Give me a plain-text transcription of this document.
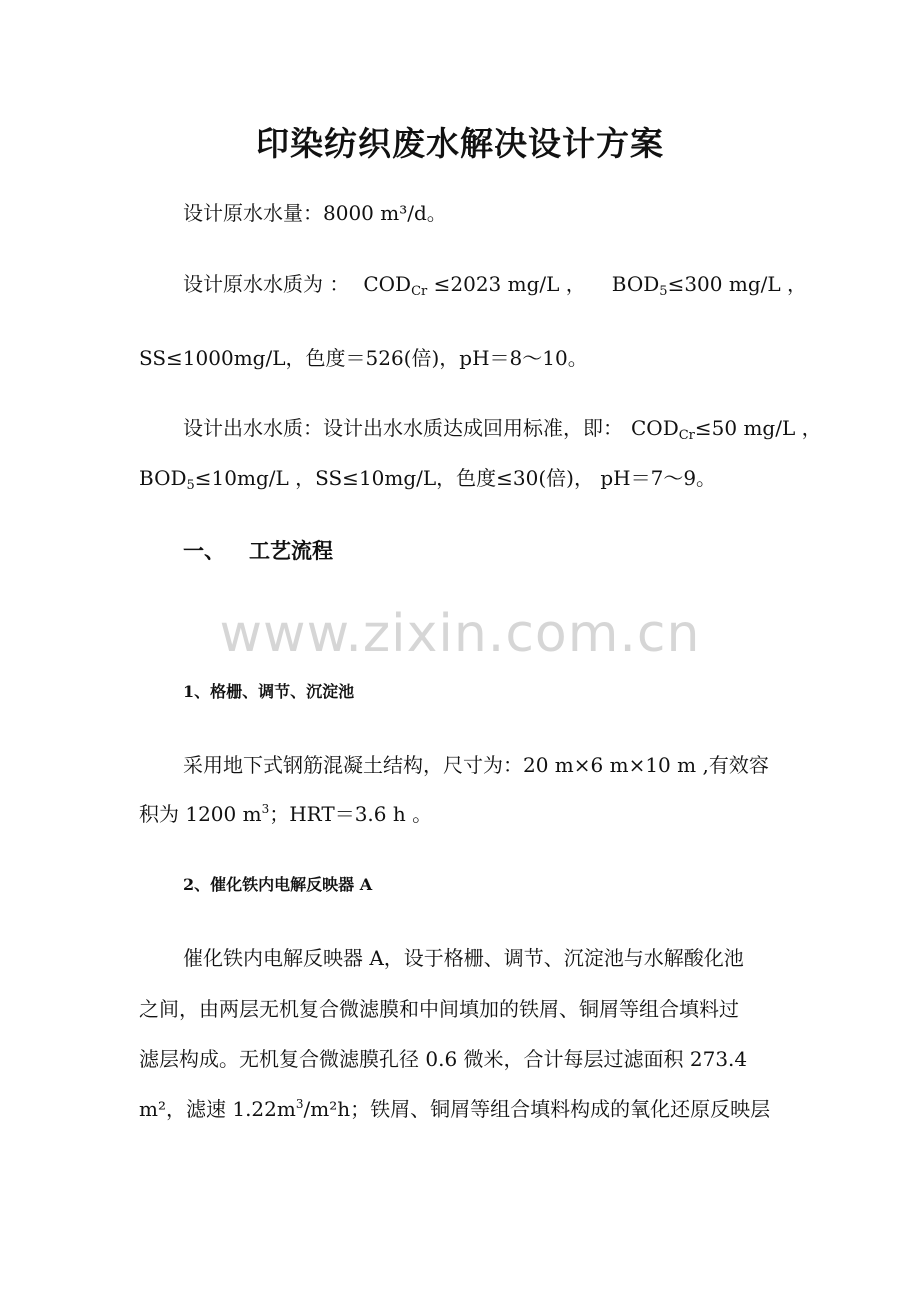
印染纺织废水解决设计方案
设计原水水量：8000 m³/d。
设计原水水质为 ： $COD_{Cr} \le 2023$ mg/L ， $BOD_5\le 300$ mg/L ，
SS≤1000mg/L，色度＝526(倍)，pH＝8～10。
设计出水水质：设计出水水质达成回用标准，即： $COD_{Cr}\le 50$ mg/L ，
$BOD_5\le 10mg/L$ ，SS≤10mg/L，色度≤30(倍)， pH＝7～9。
一、 工艺流程
www.zixin.com.cn
1、格栅、调节、沉淀池
采用地下式钢筋混凝土结构，尺寸为：20 m×6 m×10 m ,有效容
积为 1200 $m^3$；HRT＝3.6 h 。
2、催化铁内电解反映器 A
催化铁内电解反映器 A，设于格栅、调节、沉淀池与水解酸化池
之间，由两层无机复合微滤膜和中间填加的铁屑、铜屑等组合填料过
滤层构成。无机复合微滤膜孔径 0.6 微米，合计每层过滤面积 273.4
m²，滤速 $1.22m^3$/m²h；铁屑、铜屑等组合填料构成的氧化还原反映层
